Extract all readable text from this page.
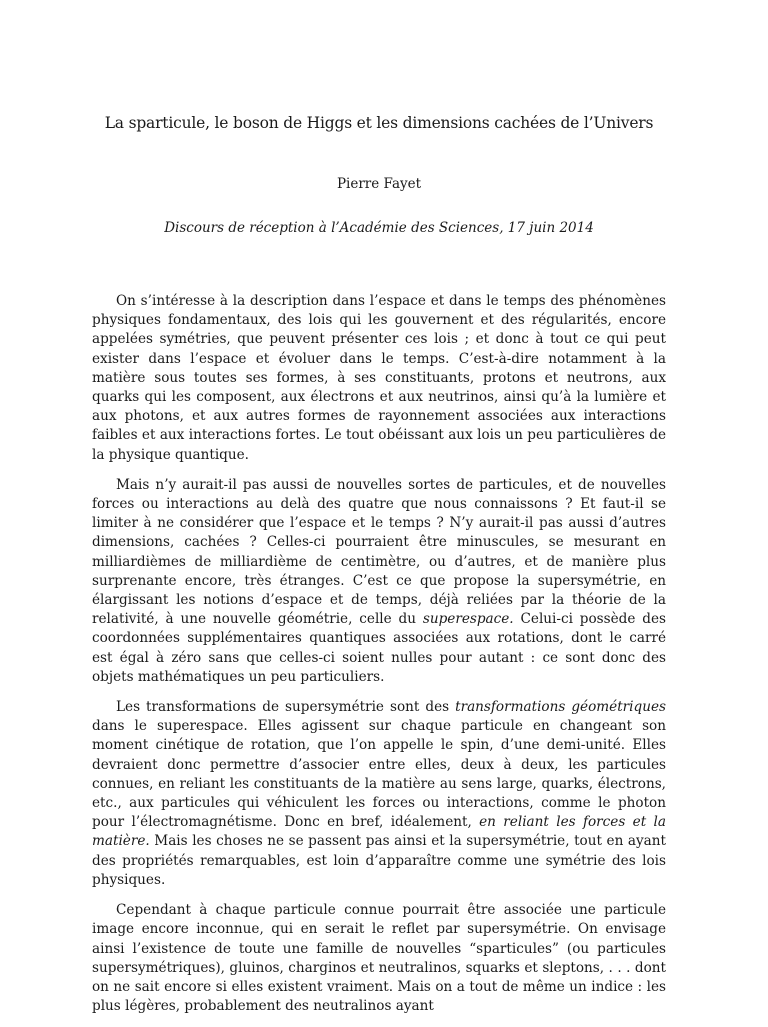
La sparticule, le boson de Higgs et les dimensions cachées de l’Univers
Pierre Fayet
Discours de réception à l’Académie des Sciences, 17 juin 2014

On s’intéresse à la description dans l’espace et dans le temps des phénomènes physiques fondamentaux, des lois qui les gouvernent et des régularités, encore appelées symétries, que peuvent présenter ces lois ; et donc à tout ce qui peut exister dans l’espace et évoluer dans le temps. C’est-à-dire notamment à la matière sous toutes ses formes, à ses constituants, protons et neutrons, aux quarks qui les composent, aux électrons et aux neutrinos, ainsi qu’à la lumière et aux photons, et aux autres formes de rayonnement associées aux interactions faibles et aux interactions fortes. Le tout obéissant aux lois un peu particulières de la physique quantique.

Mais n’y aurait-il pas aussi de nouvelles sortes de particules, et de nouvelles forces ou interactions au delà des quatre que nous connaissons ? Et faut-il se limiter à ne considérer que l’espace et le temps ? N’y aurait-il pas aussi d’autres dimensions, cachées ? Celles-ci pourraient être minuscules, se mesurant en milliardièmes de milliardième de centimètre, ou d’autres, et de manière plus surprenante encore, très étranges. C’est ce que propose la supersymétrie, en élargissant les notions d’espace et de temps, déjà reliées par la théorie de la relativité, à une nouvelle géométrie, celle du superespace. Celui-ci possède des coordonnées supplémentaires quantiques associées aux rotations, dont le carré est égal à zéro sans que celles-ci soient nulles pour autant : ce sont donc des objets mathématiques un peu particuliers.

Les transformations de supersymétrie sont des transformations géométriques dans le superespace. Elles agissent sur chaque particule en changeant son moment cinétique de rotation, que l’on appelle le spin, d’une demi-unité. Elles devraient donc permettre d’associer entre elles, deux à deux, les particules connues, en reliant les constituants de la matière au sens large, quarks, électrons, etc., aux particules qui véhiculent les forces ou interactions, comme le photon pour l’électromagnétisme. Donc en bref, idéalement, en reliant les forces et la matière. Mais les choses ne se passent pas ainsi et la supersymétrie, tout en ayant des propriétés remarquables, est loin d’apparaître comme une symétrie des lois physiques.

Cependant à chaque particule connue pourrait être associée une particule image encore inconnue, qui en serait le reflet par supersymétrie. On envisage ainsi l’existence de toute une famille de nouvelles “sparticules” (ou particules supersymétriques), gluinos, charginos et neutralinos, squarks et sleptons, . . . dont on ne sait encore si elles existent vraiment. Mais on a tout de même un indice : les plus légères, probablement des neutralinos ayant
